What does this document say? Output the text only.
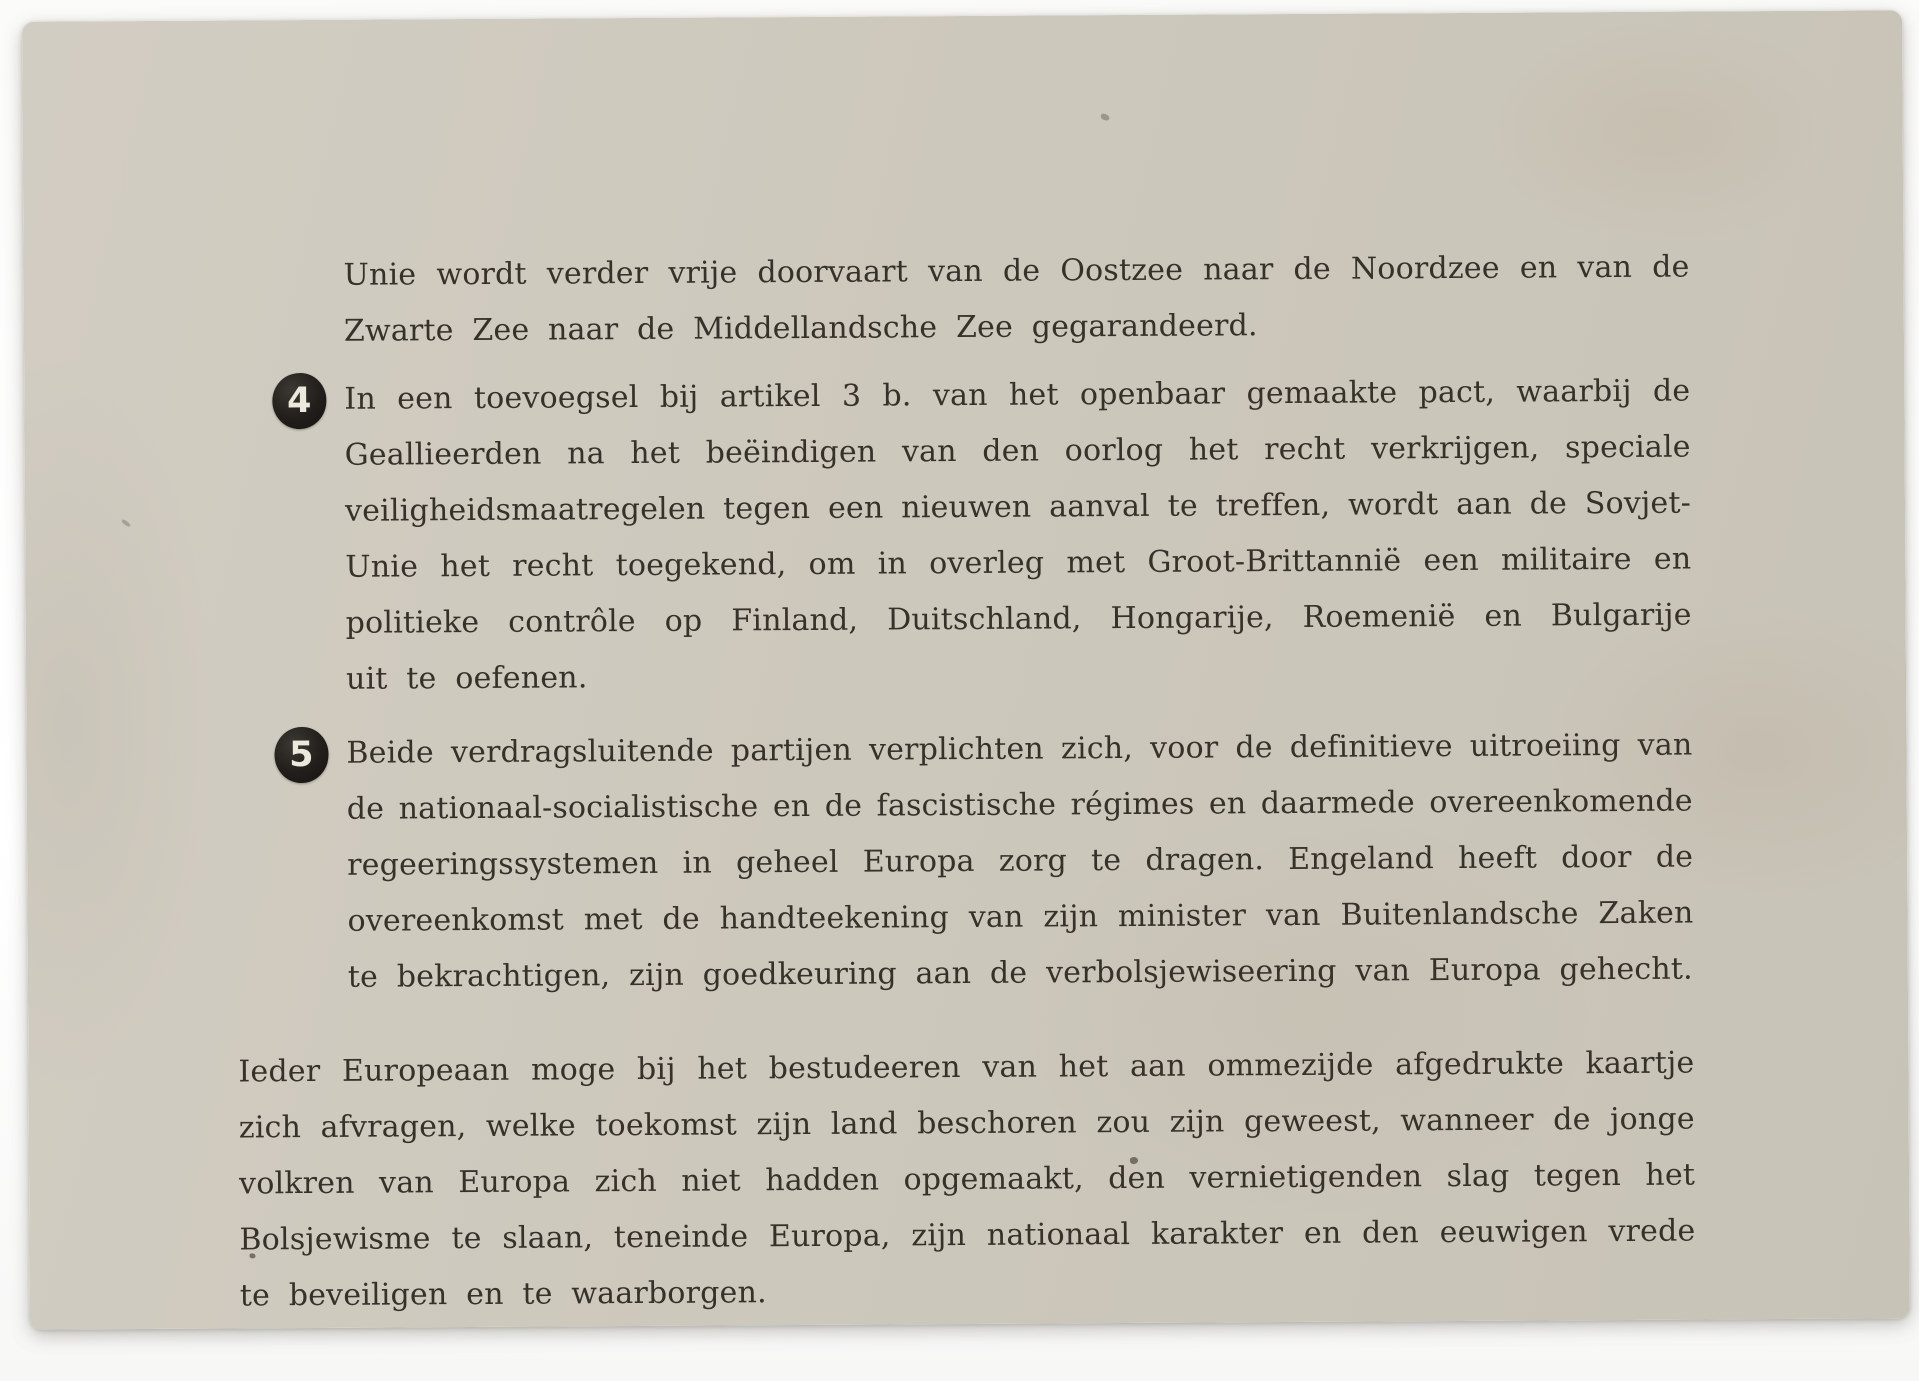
Unie wordt verder vrije doorvaart van de Oostzee naar de Noordzee en van de
Zwarte Zee naar de Middellandsche Zee gegarandeerd.
4	In een toevoegsel bij artikel 3 b. van het openbaar gemaakte pact, waarbij de
Geallieerden na het beëindigen van den oorlog het recht verkrijgen, speciale
veiligheidsmaatregelen tegen een nieuwen aanval te treffen, wordt aan de Sovjet-
Unie het recht toegekend, om in overleg met Groot-Brittannië een militaire en
politieke contrôle op Finland, Duitschland, Hongarije, Roemenië en Bulgarije
uit te oefenen.
5	Beide verdragsluitende partijen verplichten zich, voor de definitieve uitroeiing van
de nationaal-socialistische en de fascistische régimes en daarmede overeenkomende
regeeringssystemen in geheel Europa zorg te dragen. Engeland heeft door de
overeenkomst met de handteekening van zijn minister van Buitenlandsche Zaken
te bekrachtigen, zijn goedkeuring aan de verbolsjewiseering van Europa gehecht.
Ieder Europeaan moge bij het bestudeeren van het aan ommezijde afgedrukte kaartje
zich afvragen, welke toekomst zijn land beschoren zou zijn geweest, wanneer de jonge
volkren van Europa zich niet hadden opgemaakt, den vernietigenden slag tegen het
Bolsjewisme te slaan, teneinde Europa, zijn nationaal karakter en den eeuwigen vrede
te beveiligen en te waarborgen.
